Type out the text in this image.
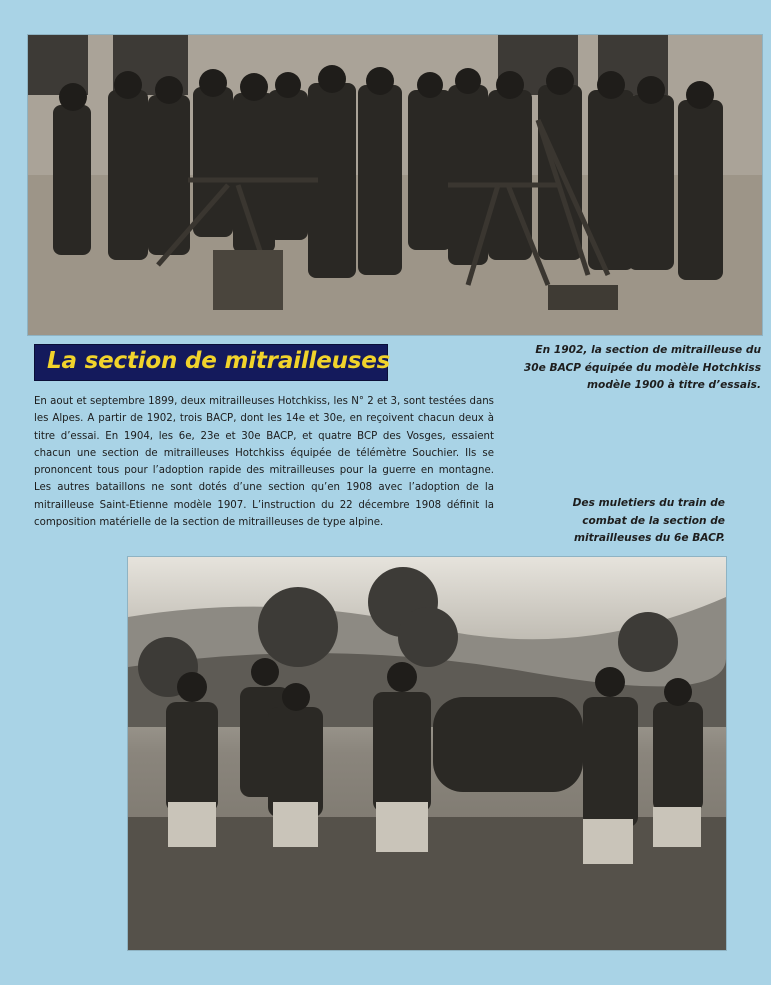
La section de mitrailleuses
En aout et septembre 1899, deux mitrailleuses Hotchkiss, les N° 2 et 3, sont testées dans les Alpes. A partir de 1902, trois BACP, dont les 14e et 30e, en reçoivent chacun deux à titre d’essai. En 1904, les 6e, 23e et 30e BACP, et quatre BCP des Vosges, essaient chacun une section de mitrailleuses Hotchkiss équipée de télémètre Souchier. Ils se prononcent tous pour l’adoption rapide des mitrailleuses pour la guerre en montagne. Les autres bataillons ne sont dotés d’une section qu’en 1908 avec l’adoption de la mitrailleuse Saint-Etienne modèle 1907. L’instruction du 22 décembre 1908 définit la composition matérielle de la section de mitrailleuses de type alpine.
En 1902, la section de mitrailleuse du
30e BACP équipée du modèle Hotchkiss
modèle 1900 à titre d’essais.
Des muletiers du train de
combat de la section de
mitrailleuses du 6e BACP.
